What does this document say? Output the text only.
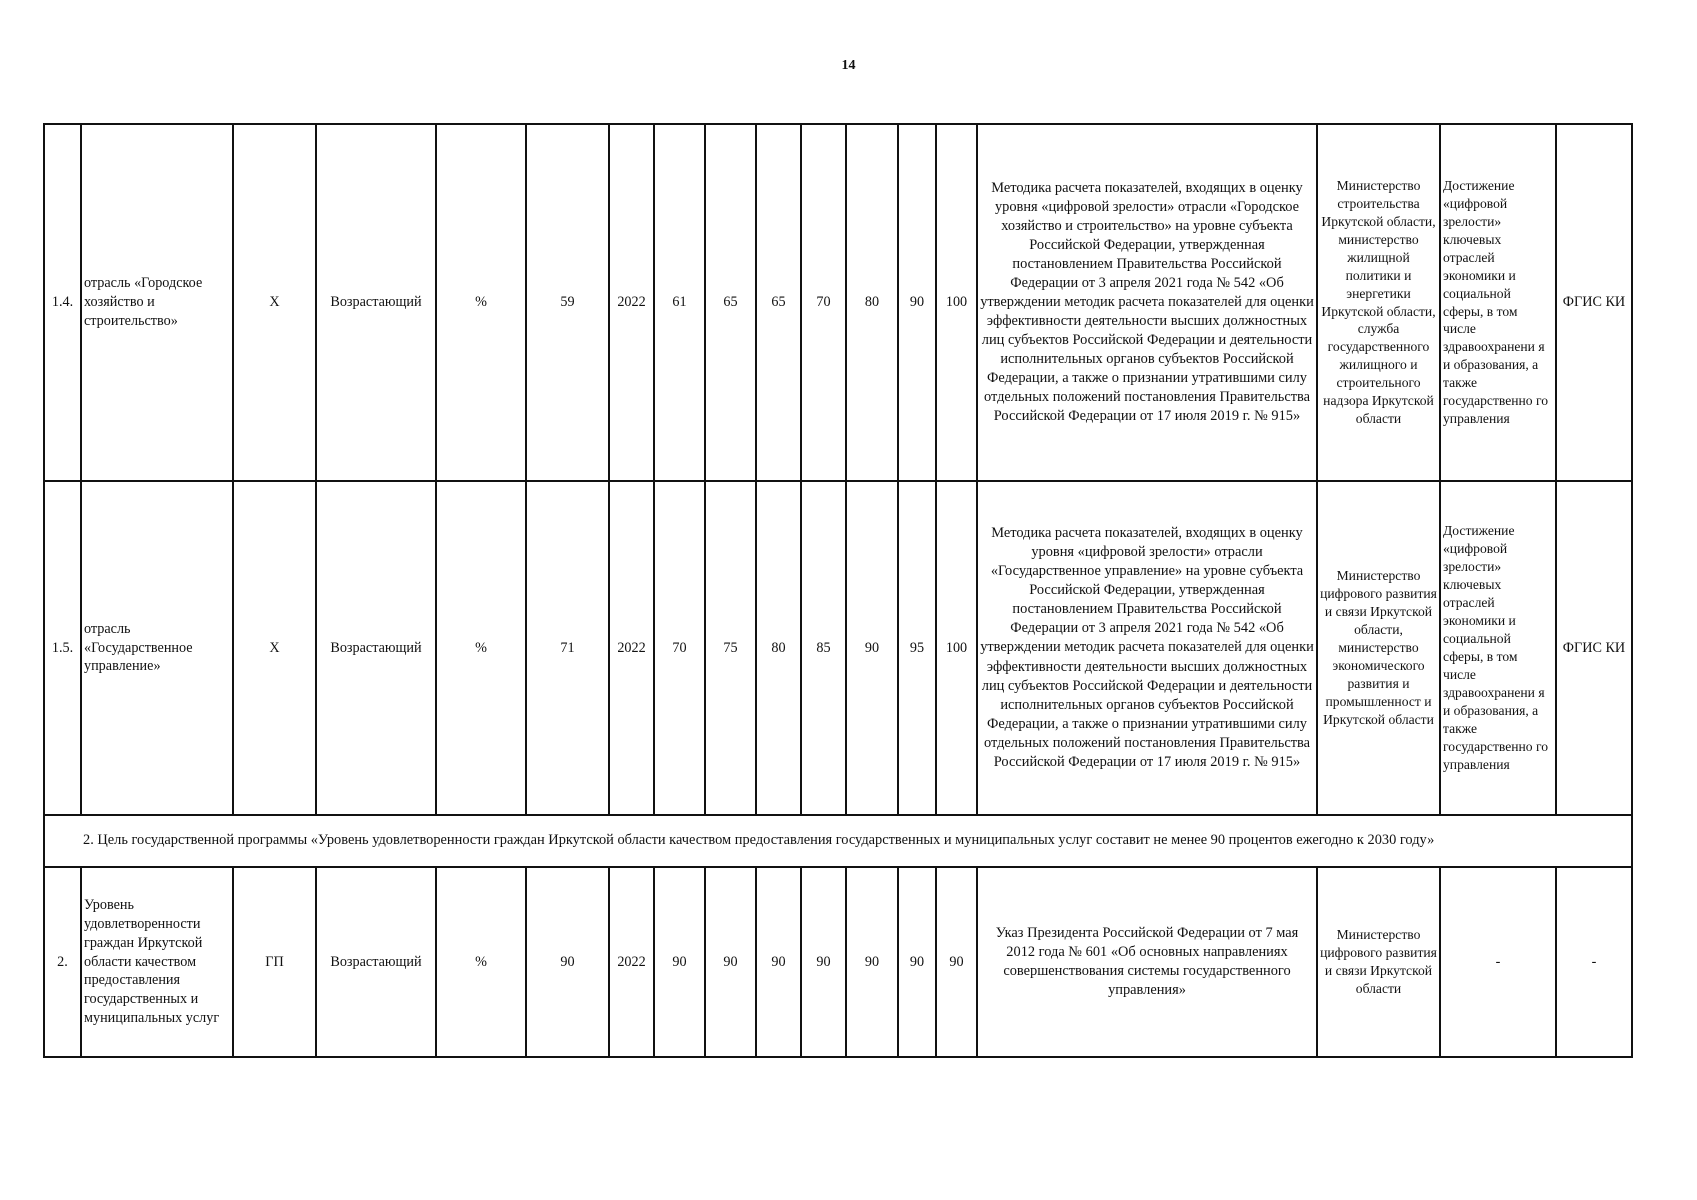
14
1.4.	отрасль «Городское хозяйство и строительство»	Х	Возрастающий	%	59	2022	61	65	65	70	80	90	100	Методика расчета показателей, входящих в оценку уровня «цифровой зрелости» отрасли «Городское хозяйство и строительство» на уровне субъекта Российской Федерации, утвержденная постановлением Правительства Российской Федерации от 3 апреля 2021 года № 542 «Об утверждении методик расчета показателей для оценки эффективности деятельности высших должностных лиц субъектов Российской Федерации и деятельности исполнительных органов субъектов Российской Федерации, а также о признании утратившими силу отдельных положений постановления Правительства Российской Федерации от 17 июля 2019 г. № 915»	Министерство строительства Иркутской области, министерство жилищной политики и энергетики Иркутской области, служба государственного жилищного и строительного надзора Иркутской области	Достижение «цифровой зрелости» ключевых отраслей экономики и социальной сферы, в том числе здравоохранени я и образования, а также государственно го управления	ФГИС КИ
1.5.	отрасль «Государственное управление»	Х	Возрастающий	%	71	2022	70	75	80	85	90	95	100	Методика расчета показателей, входящих в оценку уровня «цифровой зрелости» отрасли «Государственное управление» на уровне субъекта Российской Федерации, утвержденная постановлением Правительства Российской Федерации от 3 апреля 2021 года № 542 «Об утверждении методик расчета показателей для оценки эффективности деятельности высших должностных лиц субъектов Российской Федерации и деятельности исполнительных органов субъектов Российской Федерации, а также о признании утратившими силу отдельных положений постановления Правительства Российской Федерации от 17 июля 2019 г. № 915»	Министерство цифрового развития и связи Иркутской области, министерство экономического развития и промышленност и Иркутской области	Достижение «цифровой зрелости» ключевых отраслей экономики и социальной сферы, в том числе здравоохранени я и образования, а также государственно го управления	ФГИС КИ
2. Цель государственной программы «Уровень удовлетворенности граждан Иркутской области качеством предоставления государственных и муниципальных услуг составит не менее 90 процентов ежегодно к 2030 году»																	
2.	Уровень удовлетворенности граждан Иркутской области качеством предоставления государственных и муниципальных услуг	ГП	Возрастающий	%	90	2022	90	90	90	90	90	90	90	Указ Президента Российской Федерации от 7 мая 2012 года № 601 «Об основных направлениях совершенствования системы государственного управления»	Министерство цифрового развития и связи Иркутской области	-	-
